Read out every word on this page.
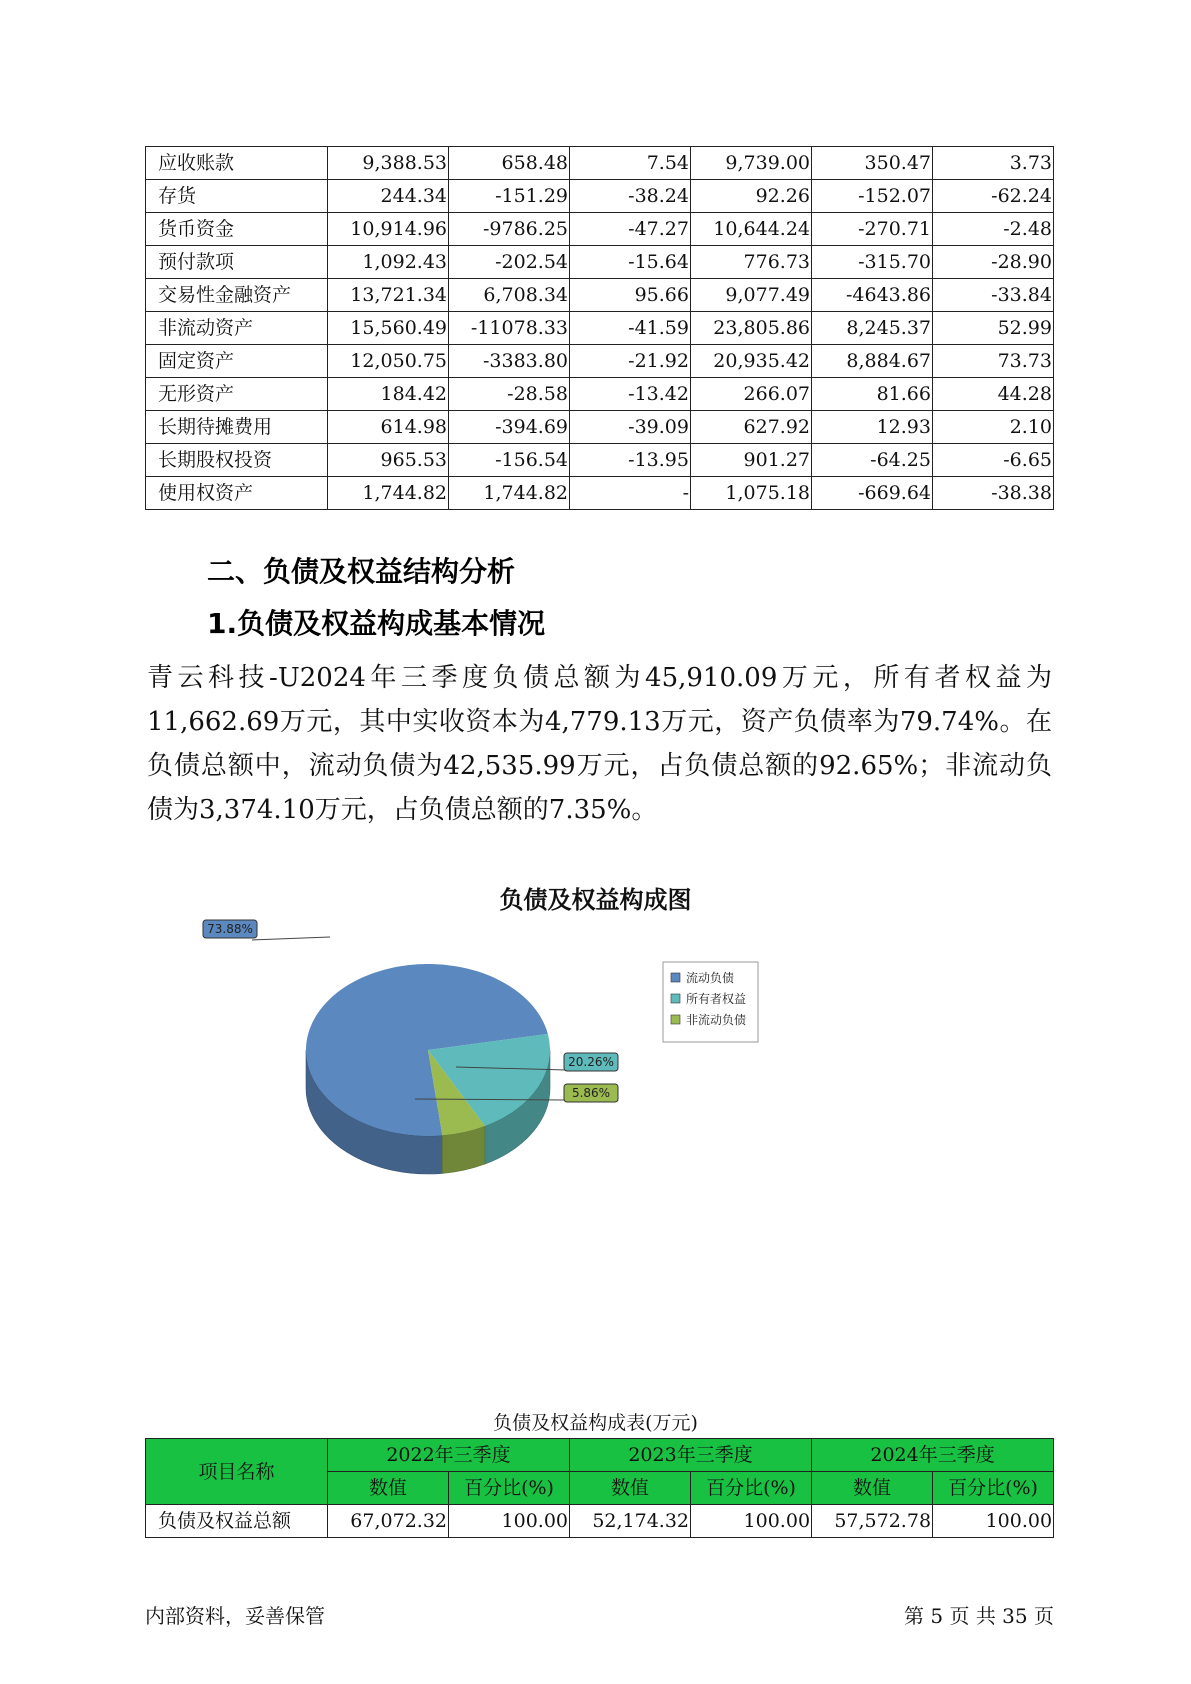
应收账款	9,388.53	658.48	7.54	9,739.00	350.47	3.73
存货	244.34	-151.29	-38.24	92.26	-152.07	-62.24
货币资金	10,914.96	-9786.25	-47.27	10,644.24	-270.71	-2.48
预付款项	1,092.43	-202.54	-15.64	776.73	-315.70	-28.90
交易性金融资产	13,721.34	6,708.34	95.66	9,077.49	-4643.86	-33.84
非流动资产	15,560.49	-11078.33	-41.59	23,805.86	8,245.37	52.99
固定资产	12,050.75	-3383.80	-21.92	20,935.42	8,884.67	73.73
无形资产	184.42	-28.58	-13.42	266.07	81.66	44.28
长期待摊费用	614.98	-394.69	-39.09	627.92	12.93	2.10
长期股权投资	965.53	-156.54	-13.95	901.27	-64.25	-6.65
使用权资产	1,744.82	1,744.82	-	1,075.18	-669.64	-38.38
二、负债及权益结构分析
1.负债及权益构成基本情况
青云科技-U2024年三季度负债总额为45,910.09万元，所有者权益为11,662.69万元，其中实收资本为4,779.13万元，资产负债率为79.74%。在负债总额中，流动负债为42,535.99万元，占负债总额的92.65%；非流动负债为3,374.10万元，占负债总额的7.35%。
负债及权益构成图
73.88%
20.26%
5.86%
流动负债
所有者权益
非流动负债
负债及权益构成表(万元)
项目名称	2022年三季度		2023年三季度		2024年三季度	
	数值	百分比(%)	数值	百分比(%)	数值	百分比(%)
负债及权益总额	67,072.32	100.00	52,174.32	100.00	57,572.78	100.00
内部资料，妥善保管	第 5 页 共 35 页
